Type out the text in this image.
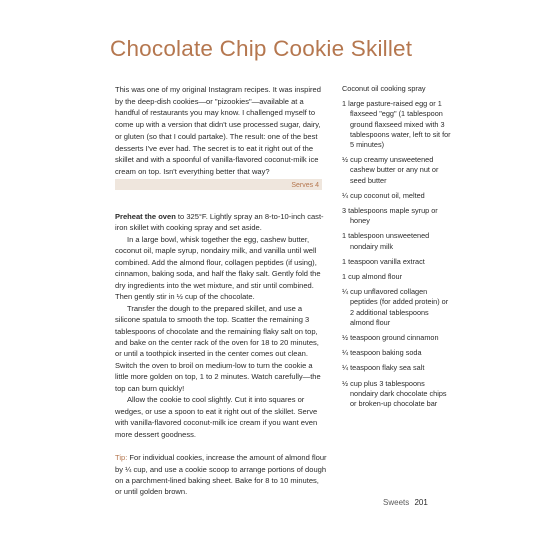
Chocolate Chip Cookie Skillet

This was one of my original Instagram recipes. It was inspired by the deep-dish cookies—or "pizookies"—available at a handful of restaurants you may know. I challenged myself to come up with a version that didn't use processed sugar, dairy, or gluten (so that I could partake). The result: one of the best desserts I've ever had. The secret is to eat it right out of the skillet and with a spoonful of vanilla-flavored coconut-milk ice cream on top. Isn't everything better that way?

Serves 4

Preheat the oven to 325°F. Lightly spray an 8-to-10-inch cast-iron skillet with cooking spray and set aside.

In a large bowl, whisk together the egg, cashew butter, coconut oil, maple syrup, nondairy milk, and vanilla until well combined. Add the almond flour, collagen peptides (if using), cinnamon, baking soda, and half the flaky salt. Gently fold the dry ingredients into the wet mixture, and stir until combined. Then gently stir in ½ cup of the chocolate.

Transfer the dough to the prepared skillet, and use a silicone spatula to smooth the top. Scatter the remaining 3 tablespoons of chocolate and the remaining flaky salt on top, and bake on the center rack of the oven for 18 to 20 minutes, or until a toothpick inserted in the center comes out clean. Switch the oven to broil on medium-low to turn the cookie a little more golden on top, 1 to 2 minutes. Watch carefully—the top can burn quickly!

Allow the cookie to cool slightly. Cut it into squares or wedges, or use a spoon to eat it right out of the skillet. Serve with vanilla-flavored coconut-milk ice cream if you want even more dessert goodness.

Tip: For individual cookies, increase the amount of almond flour by ¼ cup, and use a cookie scoop to arrange portions of dough on a parchment-lined baking sheet. Bake for 8 to 10 minutes, or until golden brown.

Coconut oil cooking spray

1 large pasture-raised egg or 1 flaxseed "egg" (1 tablespoon ground flaxseed mixed with 3 tablespoons water, left to sit for 5 minutes)

½ cup creamy unsweetened cashew butter or any nut or seed butter

¼ cup coconut oil, melted

3 tablespoons maple syrup or honey

1 tablespoon unsweetened nondairy milk

1 teaspoon vanilla extract

1 cup almond flour

¼ cup unflavored collagen peptides (for added protein) or 2 additional tablespoons almond flour

½ teaspoon ground cinnamon

¼ teaspoon baking soda

¼ teaspoon flaky sea salt

½ cup plus 3 tablespoons nondairy dark chocolate chips or broken-up chocolate bar

Sweets 201
